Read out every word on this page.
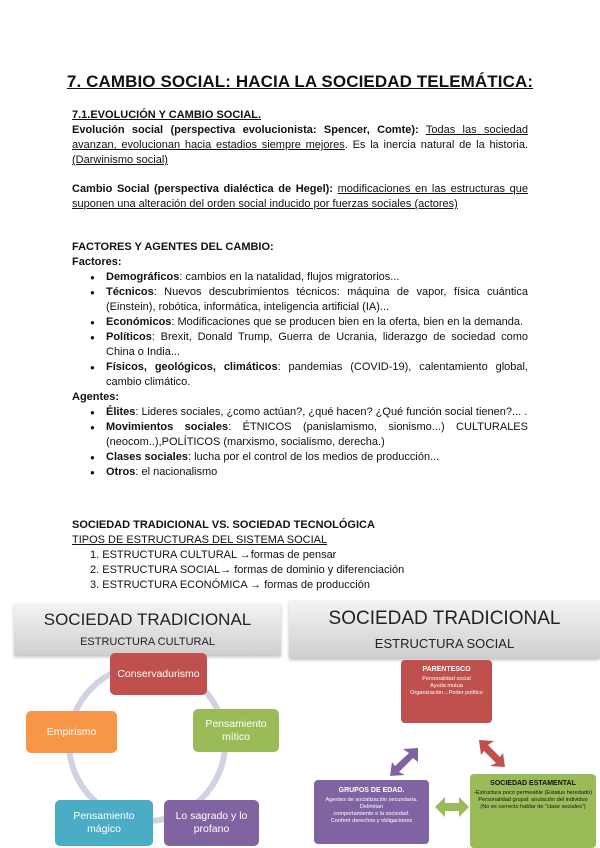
7. CAMBIO SOCIAL: HACIA LA SOCIEDAD TELEMÁTICA:
7.1.EVOLUCIÓN Y CAMBIO SOCIAL.
Evolución social (perspectiva evolucionista: Spencer, Comte): Todas las sociedad avanzan, evolucionan hacia estadios siempre mejores. Es la inercia natural de la historia. (Darwinismo social)
Cambio Social (perspectiva dialéctica de Hegel): modificaciones en las estructuras que suponen una alteración del orden social inducido por fuerzas sociales (actores)
FACTORES Y AGENTES DEL CAMBIO:
Factores:
● Demográficos: cambios en la natalidad, flujos migratorios...
● Técnicos: Nuevos descubrimientos técnicos: máquina de vapor, física cuántica (Einstein), robótica, informática, inteligencia artificial (IA)...
● Económicos: Modificaciones que se producen bien en la oferta, bien en la demanda.
● Políticos: Brexit, Donald Trump, Guerra de Ucrania, liderazgo de sociedad como China o India...
● Físicos, geológicos, climáticos: pandemias (COVID-19), calentamiento global, cambio climático.
Agentes:
● Élites: Lideres sociales, ¿como actúan?, ¿qué hacen? ¿Qué función social tienen?... .
● Movimientos sociales: ÉTNICOS (panislamismo, sionismo...) CULTURALES (neocom..),POLÍTICOS (marxismo, socialismo, derecha.)
● Clases sociales: lucha por el control de los medios de producción...
● Otros: el nacionalismo
SOCIEDAD TRADICIONAL VS. SOCIEDAD TECNOLÓGICA
TIPOS DE ESTRUCTURAS DEL SISTEMA SOCIAL
1. ESTRUCTURA CULTURAL →formas de pensar
2. ESTRUCTURA SOCIAL→ formas de dominio y diferenciación
3. ESTRUCTURA ECONÓMICA → formas de producción
SOCIEDAD TRADICIONAL
ESTRUCTURA CULTURAL
Conservadurismo
Pensamiento mítico
Lo sagrado y lo profano
Pensamiento mágico
Empirismo
SOCIEDAD TRADICIONAL
ESTRUCTURA SOCIAL
PARENTESCO
Personalidad social
Ayuda mutua
Organización→Poder político
GRUPOS DE EDAD.
Agentes de socialización secundaria. Delimitan
comportamiento e la sociedad.
Conferir derechos y obligaciones
SOCIEDAD ESTAMENTAL
-Estructura poco permeable (Estatus heredado)
Personalidad grupal: anulación del individuo
(No es correcto hablar de "clase sociales")
